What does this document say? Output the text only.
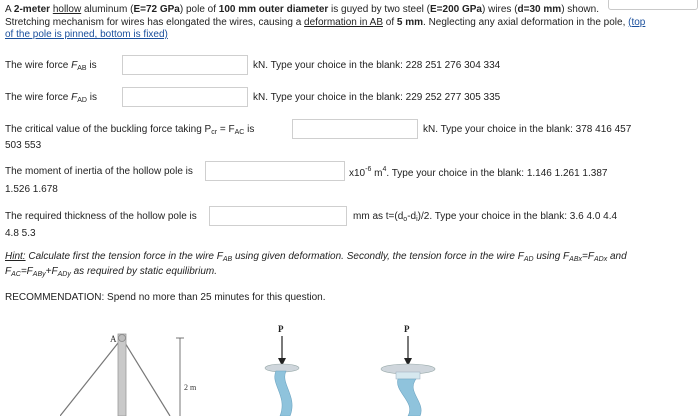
A 2-meter hollow aluminum (E=72 GPa) pole of 100 mm outer diameter is guyed by two steel (E=200 GPa) wires (d=30 mm) shown.
Stretching mechanism for wires has elongated the wires, causing a deformation in AB of 5 mm. Neglecting any axial deformation in the pole, (top
of the pole is pinned, bottom is fixed)
The wire force $F_{AB}$ is	kN. Type your choice in the blank: 228 251 276 304 334
The wire force $F_{AD}$ is	kN. Type your choice in the blank: 229 252 277 305 335
The critical value of the buckling force taking $P_{cr} = F_{AC}$ is	kN. Type your choice in the blank: 378 416 457
503 553
The moment of inertia of the hollow pole is	$x10^{-6}$ $m^4$. Type your choice in the blank: 1.146 1.261 1.387
1.526 1.678
The required thickness of the hollow pole is	mm as $t=(d_o-d_i)/2$. Type your choice in the blank: 3.6 4.0 4.4
4.8 5.3
Hint: Calculate first the tension force in the wire $F_{AB}$ using given deformation. Secondly, the tension force in the wire $F_{AD}$ using $F_{ABx}=F_{ADx}$ and
$F_{AC}=F_{ABy}+F_{ADy}$ as required by static equilibrium.
RECOMMENDATION: Spend no more than 25 minutes for this question.
A
2 m
P	P
